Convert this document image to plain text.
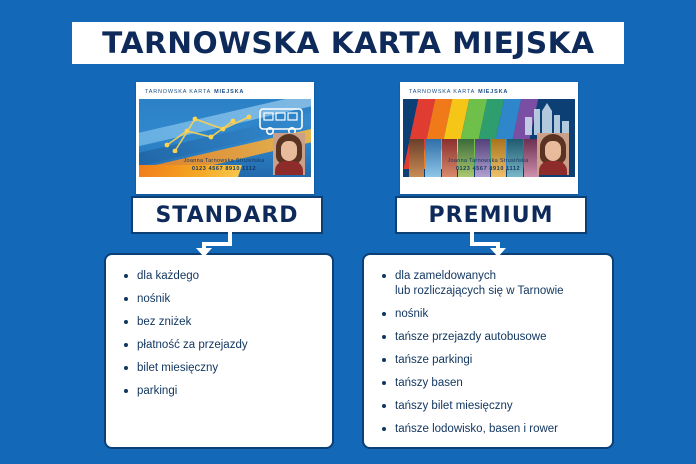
TARNOWSKA KARTA MIEJSKA
TARNOWSKA KARTA MIEJSKA
Joanna Tarnowska Strusińska
0123 4567 8910 1112
TARNOWSKA KARTA MIEJSKA
Joanna Tarnowska Strusińska
0123 4567 8910 1112
STANDARD	PREMIUM
dla każdego
nośnik
bez zniżek
płatność za przejazdy
bilet miesięczny
parkingi
dla zameldowanych
lub rozliczających się w Tarnowie
nośnik
tańsze przejazdy autobusowe
tańsze parkingi
tańszy basen
tańszy bilet miesięczny
tańsze lodowisko, basen i rower
